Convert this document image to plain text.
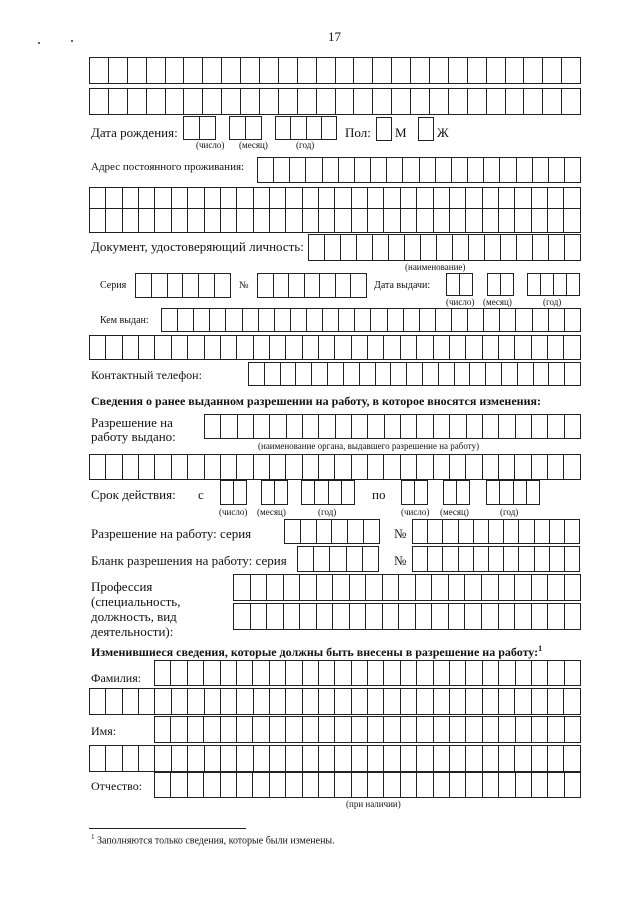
17
Дата рождения:
(число) (месяц)	(год)
Пол: М Ж
Адрес постоянного проживания:
Документ, удостоверяющий личность:
(наименование)
Серия	№	Дата выдачи:
(число) (месяц)	(год)
Кем выдан:
Контактный телефон:
Сведения о ранее выданном разрешении на работу, в которое вносятся изменения:
Разрешение на
работу выдано:
(наименование органа, выдавшего разрешение на работу)
Срок действия: с
(число) (месяц)	(год)
по
(число) (месяц)	(год)
Разрешение на работу: серия	№
Бланк разрешения на работу: серия	№
Профессия
(специальность,
должность, вид
деятельности):
Изменившиеся сведения, которые должны быть внесены в разрешение на работу:$^1$
Фамилия:
Имя:
Отчество:
(при наличии)
$^1$ Заполняются только сведения, которые были изменены.
